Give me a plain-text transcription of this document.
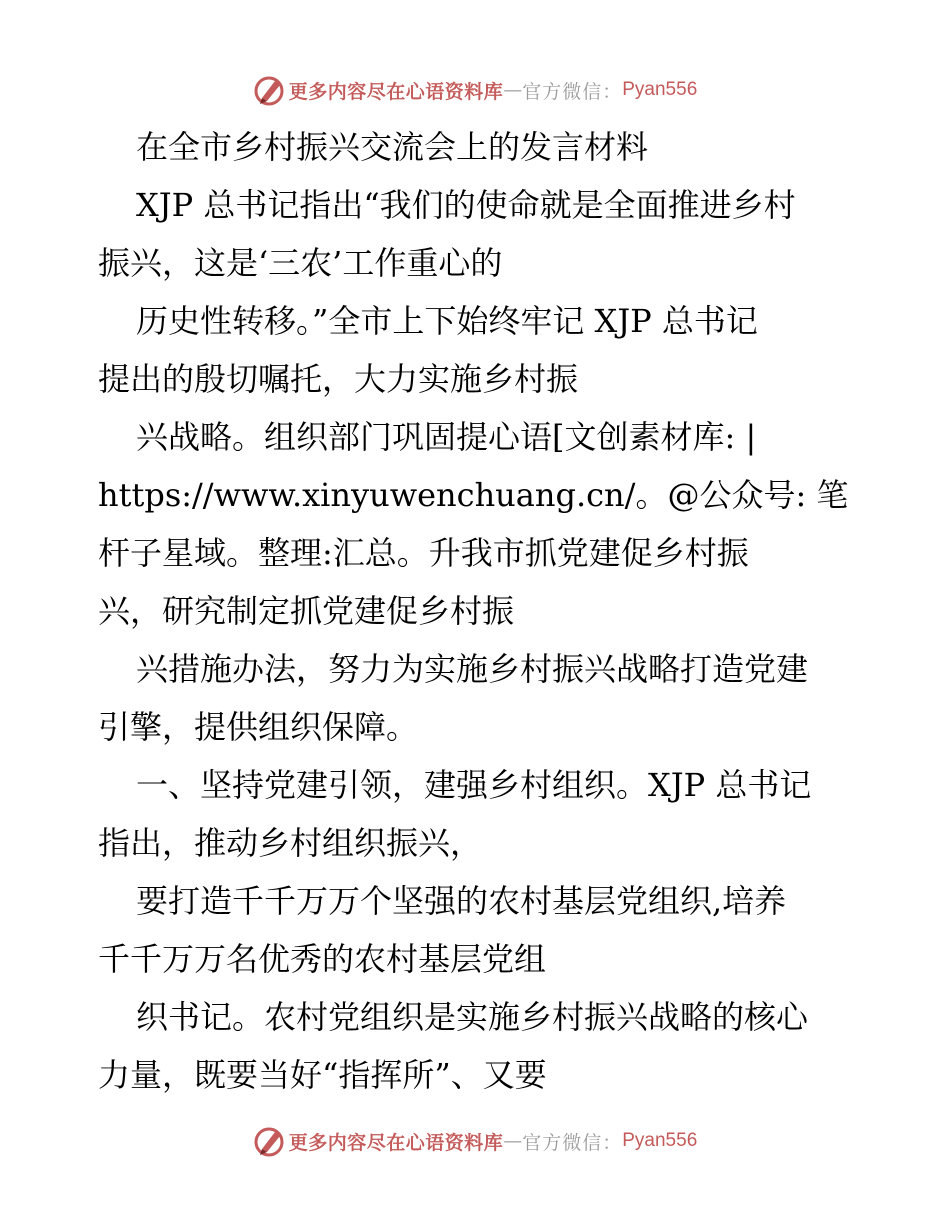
更多内容尽在心语资料库 — 官方微信： Pyan556
在全市乡村振兴交流会上的发言材料
XJP 总书记指出“我们的使命就是全面推进乡村
振兴，这是‘三农’工作重心的
历史性转移。”全市上下始终牢记 XJP 总书记
提出的殷切嘱托，大力实施乡村振
兴战略。组织部门巩固提心语[文创素材库: |
https://www.xinyuwenchuang.cn/。@公众号: 笔
杆子星域。整理:汇总。升我市抓党建促乡村振
兴，研究制定抓党建促乡村振
兴措施办法，努力为实施乡村振兴战略打造党建
引擎，提供组织保障。
一、坚持党建引领，建强乡村组织。XJP 总书记
指出，推动乡村组织振兴，
要打造千千万万个坚强的农村基层党组织,培养
千千万万名优秀的农村基层党组
织书记。农村党组织是实施乡村振兴战略的核心
力量，既要当好“指挥所”、又要
更多内容尽在心语资料库 — 官方微信： Pyan556
